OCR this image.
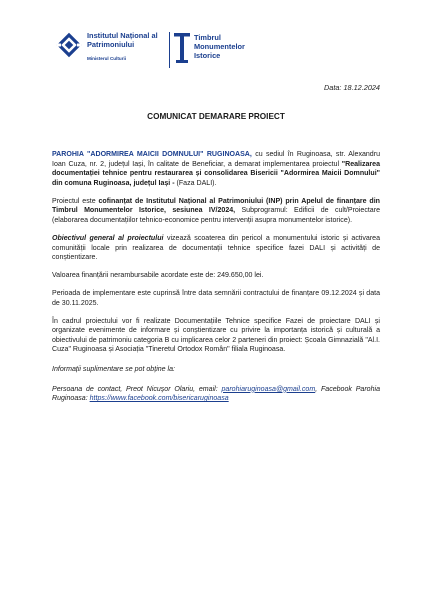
Institutul Național al
Patrimoniului
Ministerul Culturii
Timbrul
Monumentelor
Istorice
Data: 18.12.2024
COMUNICAT DEMARARE PROIECT

PAROHIA "ADORMIREA MAICII DOMNULUI" RUGINOASA, cu sediul în Ruginoasa, str. Alexandru Ioan Cuza, nr. 2, județul Iași, în calitate de Beneficiar, a demarat implementarea proiectul "Realizarea documentației tehnice pentru restaurarea și consolidarea Bisericii "Adormirea Maicii Domnului" din comuna Ruginoasa, județul Iași - (Faza DALI).

Proiectul este cofinanțat de Institutul Național al Patrimoniului (INP) prin Apelul de finanțare din Timbrul Monumentelor Istorice, sesiunea IV/2024, Subprogramul: Edificii de cult/Proiectare (elaborarea documentațiilor tehnico-economice pentru intervenții asupra monumentelor istorice).

Obiectivul general al proiectului vizează scoaterea din pericol a monumentului istoric și activarea comunității locale prin realizarea de documentații tehnice specifice fazei DALI și activități de conștientizare.

Valoarea finanțării nerambursabile acordate este de: 249.650,00 lei.

Perioada de implementare este cuprinsă între data semnării contractului de finanțare 09.12.2024 și data de 30.11.2025.

În cadrul proiectului vor fi realizate Documentațiile Tehnice specifice Fazei de proiectare DALI și organizate evenimente de informare și conștientizare cu privire la importanța istorică și culturală a obiectivului de patrimoniu categoria B cu implicarea celor 2 parteneri din proiect: Școala Gimnazială "Al.I. Cuza" Ruginoasa și Asociația "Tineretul Ortodox Român" filiala Ruginoasa.

Informații suplimentare se pot obține la:

Persoana de contact, Preot Nicușor Olariu, email: parohiaruginoasa@gmail.com, Facebook Parohia Ruginoasa: https://www.facebook.com/bisericaruginoasa
